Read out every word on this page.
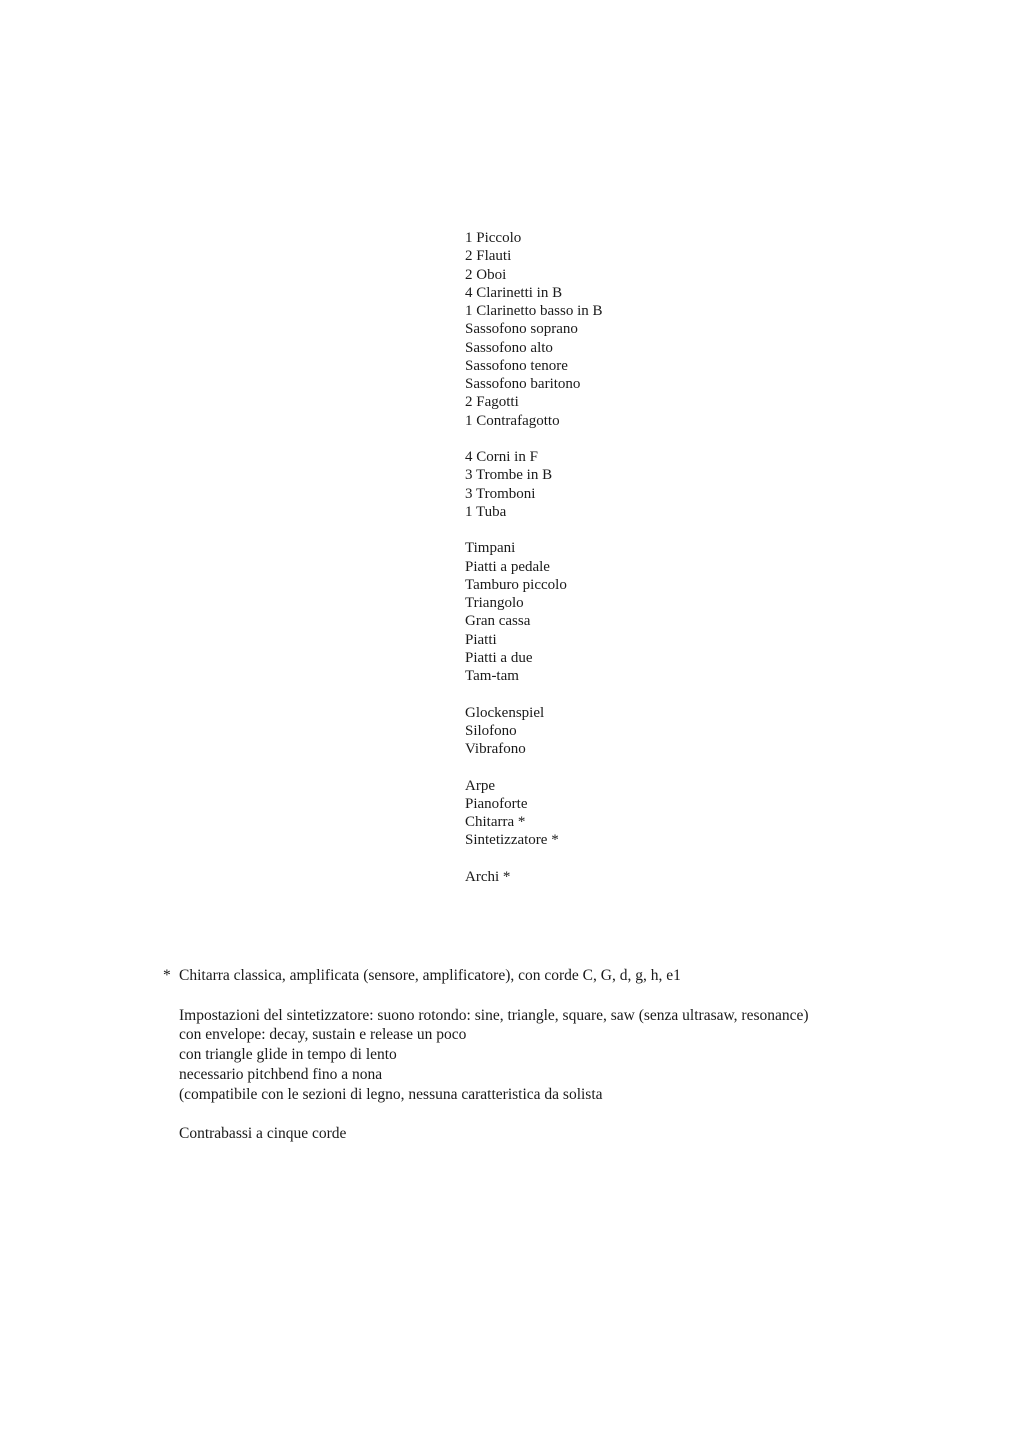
1 Piccolo
2 Flauti
2 Oboi
4 Clarinetti in B
1 Clarinetto basso in B
Sassofono soprano
Sassofono alto
Sassofono tenore
Sassofono baritono
2 Fagotti
1 Contrafagotto
4 Corni in F
3 Trombe in B
3 Tromboni
1 Tuba
Timpani
Piatti a pedale
Tamburo piccolo
Triangolo
Gran cassa
Piatti
Piatti a due
Tam-tam
Glockenspiel
Silofono
Vibrafono
Arpe
Pianoforte
Chitarra *
Sintetizzatore *
Archi *
* Chitarra classica, amplificata (sensore, amplificatore), con corde C, G, d, g, h, e1
Impostazioni del sintetizzatore: suono rotondo: sine, triangle, square, saw (senza ultrasaw, resonance)
con envelope: decay, sustain e release un poco
con triangle glide in tempo di lento
necessario pitchbend fino a nona
(compatibile con le sezioni di legno, nessuna caratteristica da solista
Contrabassi a cinque corde
